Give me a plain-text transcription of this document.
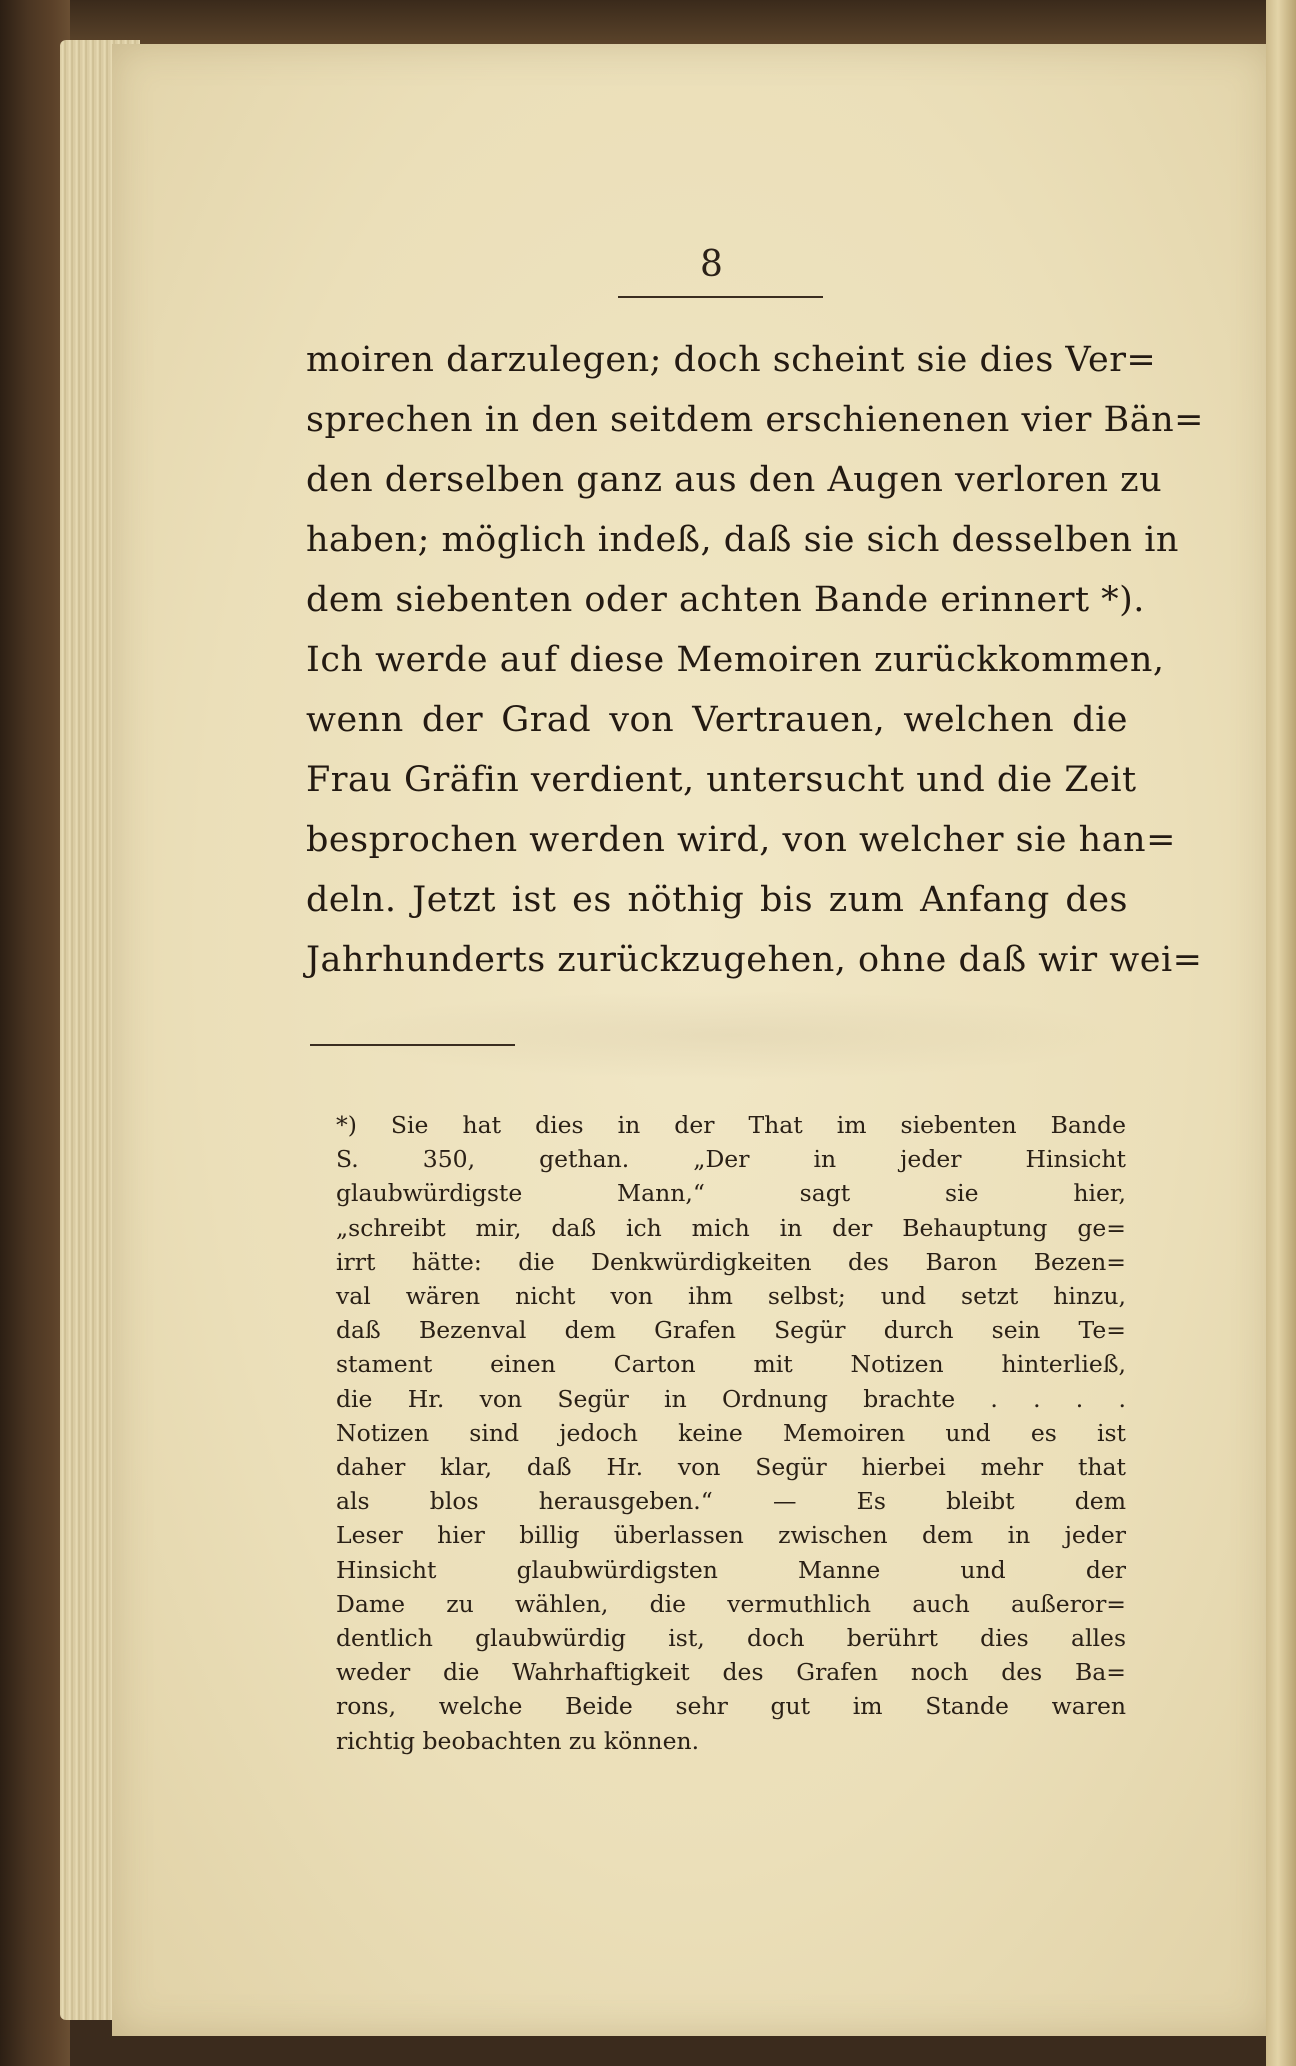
8
moiren darzulegen; doch scheint sie dies Ver=
sprechen in den seitdem erschienenen vier Bän=
den derselben ganz aus den Augen verloren zu
haben; möglich indeß, daß sie sich desselben in
dem siebenten oder achten Bande erinnert *).
Ich werde auf diese Memoiren zurückkommen,
wenn der Grad von Vertrauen, welchen die
Frau Gräfin verdient, untersucht und die Zeit
besprochen werden wird, von welcher sie han=
deln. Jetzt ist es nöthig bis zum Anfang des
Jahrhunderts zurückzugehen, ohne daß wir wei=
*) Sie hat dies in der That im siebenten Bande
S. 350, gethan. „Der in jeder Hinsicht
glaubwürdigste Mann,“ sagt sie hier,
„schreibt mir, daß ich mich in der Behauptung ge=
irrt hätte: die Denkwürdigkeiten des Baron Bezen=
val wären nicht von ihm selbst; und setzt hinzu,
daß Bezenval dem Grafen Segür durch sein Te=
stament einen Carton mit Notizen hinterließ,
die Hr. von Segür in Ordnung brachte . . . .
Notizen sind jedoch keine Memoiren und es ist
daher klar, daß Hr. von Segür hierbei mehr that
als blos herausgeben.“ — Es bleibt dem
Leser hier billig überlassen zwischen dem in jeder
Hinsicht glaubwürdigsten Manne und der
Dame zu wählen, die vermuthlich auch außeror=
dentlich glaubwürdig ist, doch berührt dies alles
weder die Wahrhaftigkeit des Grafen noch des Ba=
rons, welche Beide sehr gut im Stande waren
richtig beobachten zu können.
